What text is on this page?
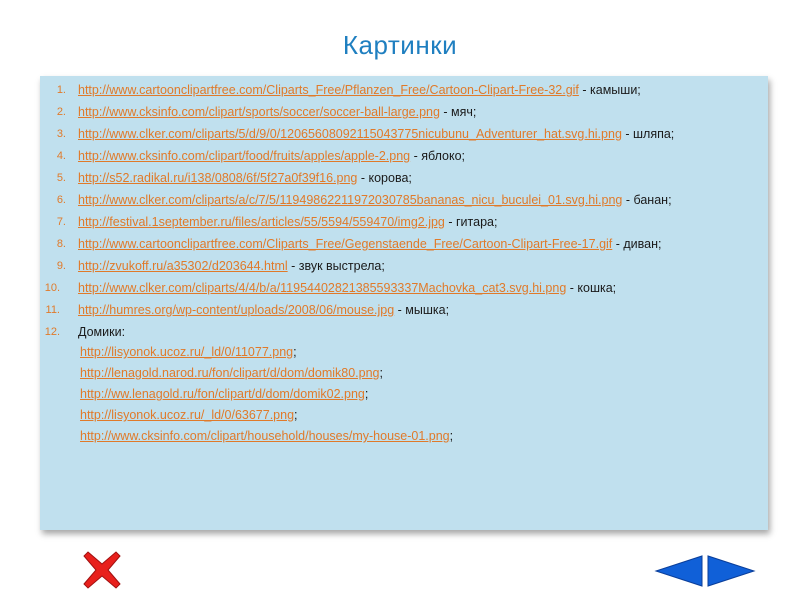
Картинки
1. http://www.cartoonclipartfree.com/Cliparts_Free/Pflanzen_Free/Cartoon-Clipart-Free-32.gif - камыши;
2. http://www.cksinfo.com/clipart/sports/soccer/soccer-ball-large.png - мяч;
3. http://www.clker.com/cliparts/5/d/9/0/12065608092115043775nicubunu_Adventurer_hat.svg.hi.png - шляпа;
4. http://www.cksinfo.com/clipart/food/fruits/apples/apple-2.png - яблоко;
5. http://s52.radikal.ru/i138/0808/6f/5f27a0f39f16.png - корова;
6. http://www.clker.com/cliparts/a/c/7/5/11949862211972030785bananas_nicu_buculei_01.svg.hi.png - банан;
7. http://festival.1september.ru/files/articles/55/5594/559470/img2.jpg - гитара;
8. http://www.cartoonclipartfree.com/Cliparts_Free/Gegenstaende_Free/Cartoon-Clipart-Free-17.gif - диван;
9. http://zvukoff.ru/a35302/d203644.html - звук выстрела;
10. http://www.clker.com/cliparts/4/4/b/a/11954402821385593337Machovka_cat3.svg.hi.png - кошка;
11. http://humres.org/wp-content/uploads/2008/06/mouse.jpg - мышка;
12. Домики:
http://lisyonok.ucoz.ru/_ld/0/11077.png;
http://lenagold.narod.ru/fon/clipart/d/dom/domik80.png;
http://ww.lenagold.ru/fon/clipart/d/dom/domik02.png;
http://lisyonok.ucoz.ru/_ld/0/63677.png;
http://www.cksinfo.com/clipart/household/houses/my-house-01.png;
